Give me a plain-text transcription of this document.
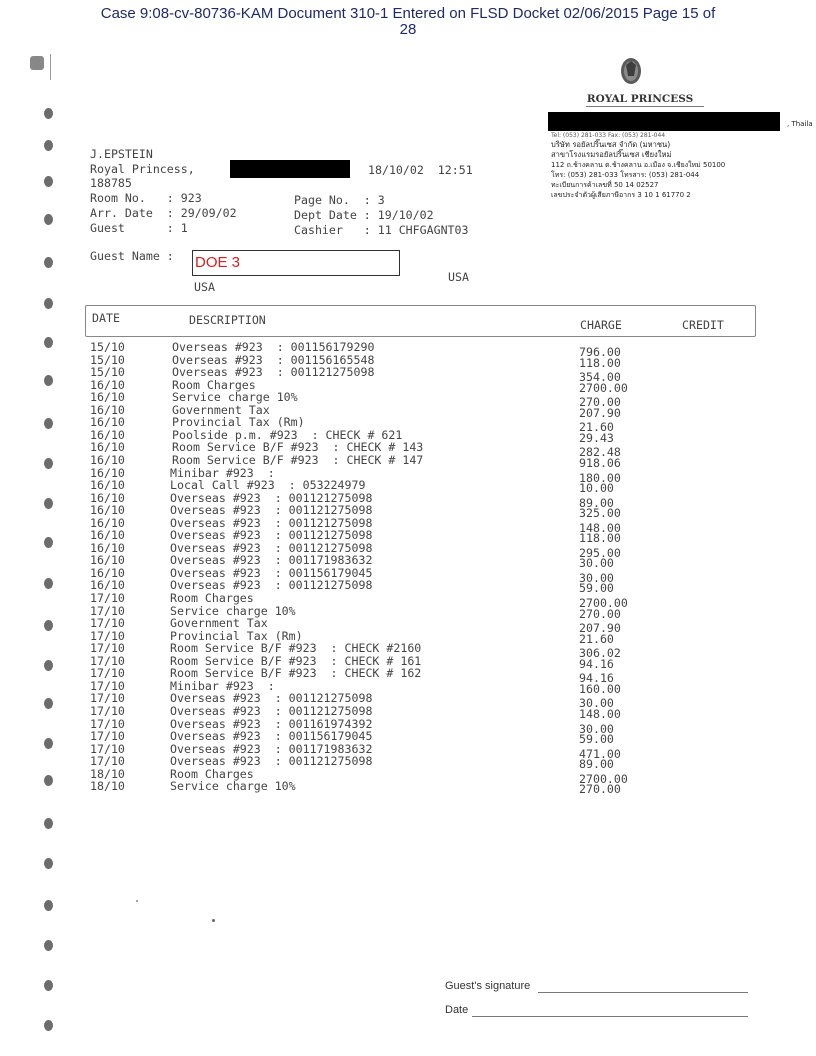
Case 9:08-cv-80736-KAM Document 310-1 Entered on FLSD Docket 02/06/2015 Page 15 of
28
ROYAL PRINCESS
, Thaila
Tel: (053) 281-033 Fax: (053) 281-044
บริษัท รอยัลปริ๊นเซส จำกัด (มหาชน)
สาขาโรงแรมรอยัลปริ๊นเซส เชียงใหม่
112 ถ.ช้างคลาน ต.ช้างคลาน อ.เมือง จ.เชียงใหม่ 50100
โทร: (053) 281-033 โทรสาร: (053) 281-044
ทะเบียนการค้าเลขที่ 50 14 02527
เลขประจำตัวผู้เสียภาษีอากร 3 10 1 61770 2
J.EPSTEIN
Royal Princess,	18/10/02  12:51
188785
Room No.   : 923	Page No.  : 3
Arr. Date  : 29/09/02	Dept Date : 19/10/02
Guest      : 1	Cashier   : 11 CHFGAGNT03
Guest Name : DOE 3
USA
USA
DATE	DESCRIPTION	CHARGE	CREDIT
15/10	Overseas #923  : 001156179290	796.00
15/10	Overseas #923  : 001156165548	118.00
15/10	Overseas #923  : 001121275098	354.00
16/10	Room Charges	2700.00
16/10	Service charge 10%	270.00
16/10	Government Tax	207.90
16/10	Provincial Tax (Rm)	21.60
16/10	Poolside p.m. #923  : CHECK # 621	29.43
16/10	Room Service B/F #923  : CHECK # 143	282.48
16/10	Room Service B/F #923  : CHECK # 147	918.06
16/10	Minibar #923  :	180.00
16/10	Local Call #923  : 053224979	10.00
16/10	Overseas #923  : 001121275098	89.00
16/10	Overseas #923  : 001121275098	325.00
16/10	Overseas #923  : 001121275098	148.00
16/10	Overseas #923  : 001121275098	118.00
16/10	Overseas #923  : 001121275098	295.00
16/10	Overseas #923  : 001171983632	30.00
16/10	Overseas #923  : 001156179045	30.00
16/10	Overseas #923  : 001121275098	59.00
17/10	Room Charges	2700.00
17/10	Service charge 10%	270.00
17/10	Government Tax	207.90
17/10	Provincial Tax (Rm)	21.60
17/10	Room Service B/F #923  : CHECK #2160	306.02
17/10	Room Service B/F #923  : CHECK # 161	94.16
17/10	Room Service B/F #923  : CHECK # 162	94.16
17/10	Minibar #923  :	160.00
17/10	Overseas #923  : 001121275098	30.00
17/10	Overseas #923  : 001121275098	148.00
17/10	Overseas #923  : 001161974392	30.00
17/10	Overseas #923  : 001156179045	59.00
17/10	Overseas #923  : 001171983632	471.00
17/10	Overseas #923  : 001121275098	89.00
18/10	Room Charges	2700.00
18/10	Service charge 10%	270.00
Guest's signature
Date
